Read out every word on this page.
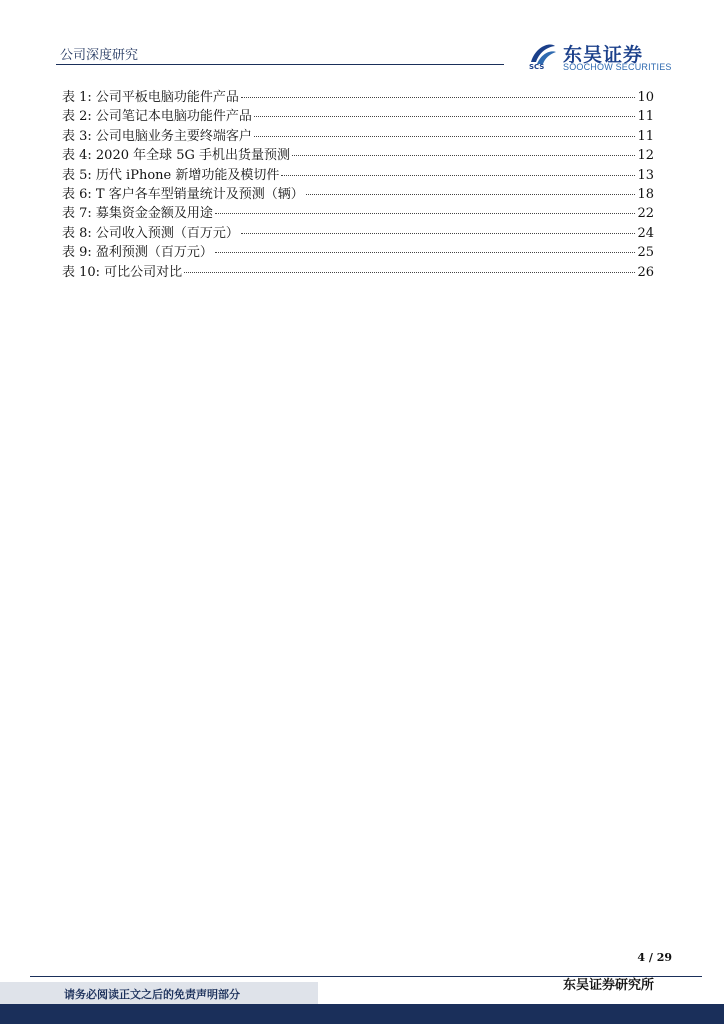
公司深度研究
SCS
东吴证券
SOOCHOW SECURITIES
表 1: 公司平板电脑功能件产品	10
表 2: 公司笔记本电脑功能件产品	11
表 3: 公司电脑业务主要终端客户	11
表 4: 2020 年全球 5G 手机出货量预测	12
表 5: 历代 iPhone 新增功能及模切件	13
表 6: T 客户各车型销量统计及预测（辆）	18
表 7: 募集资金金额及用途	22
表 8: 公司收入预测（百万元）	24
表 9: 盈利预测（百万元）	25
表 10: 可比公司对比	26
4 / 29
东吴证券研究所
请务必阅读正文之后的免责声明部分
